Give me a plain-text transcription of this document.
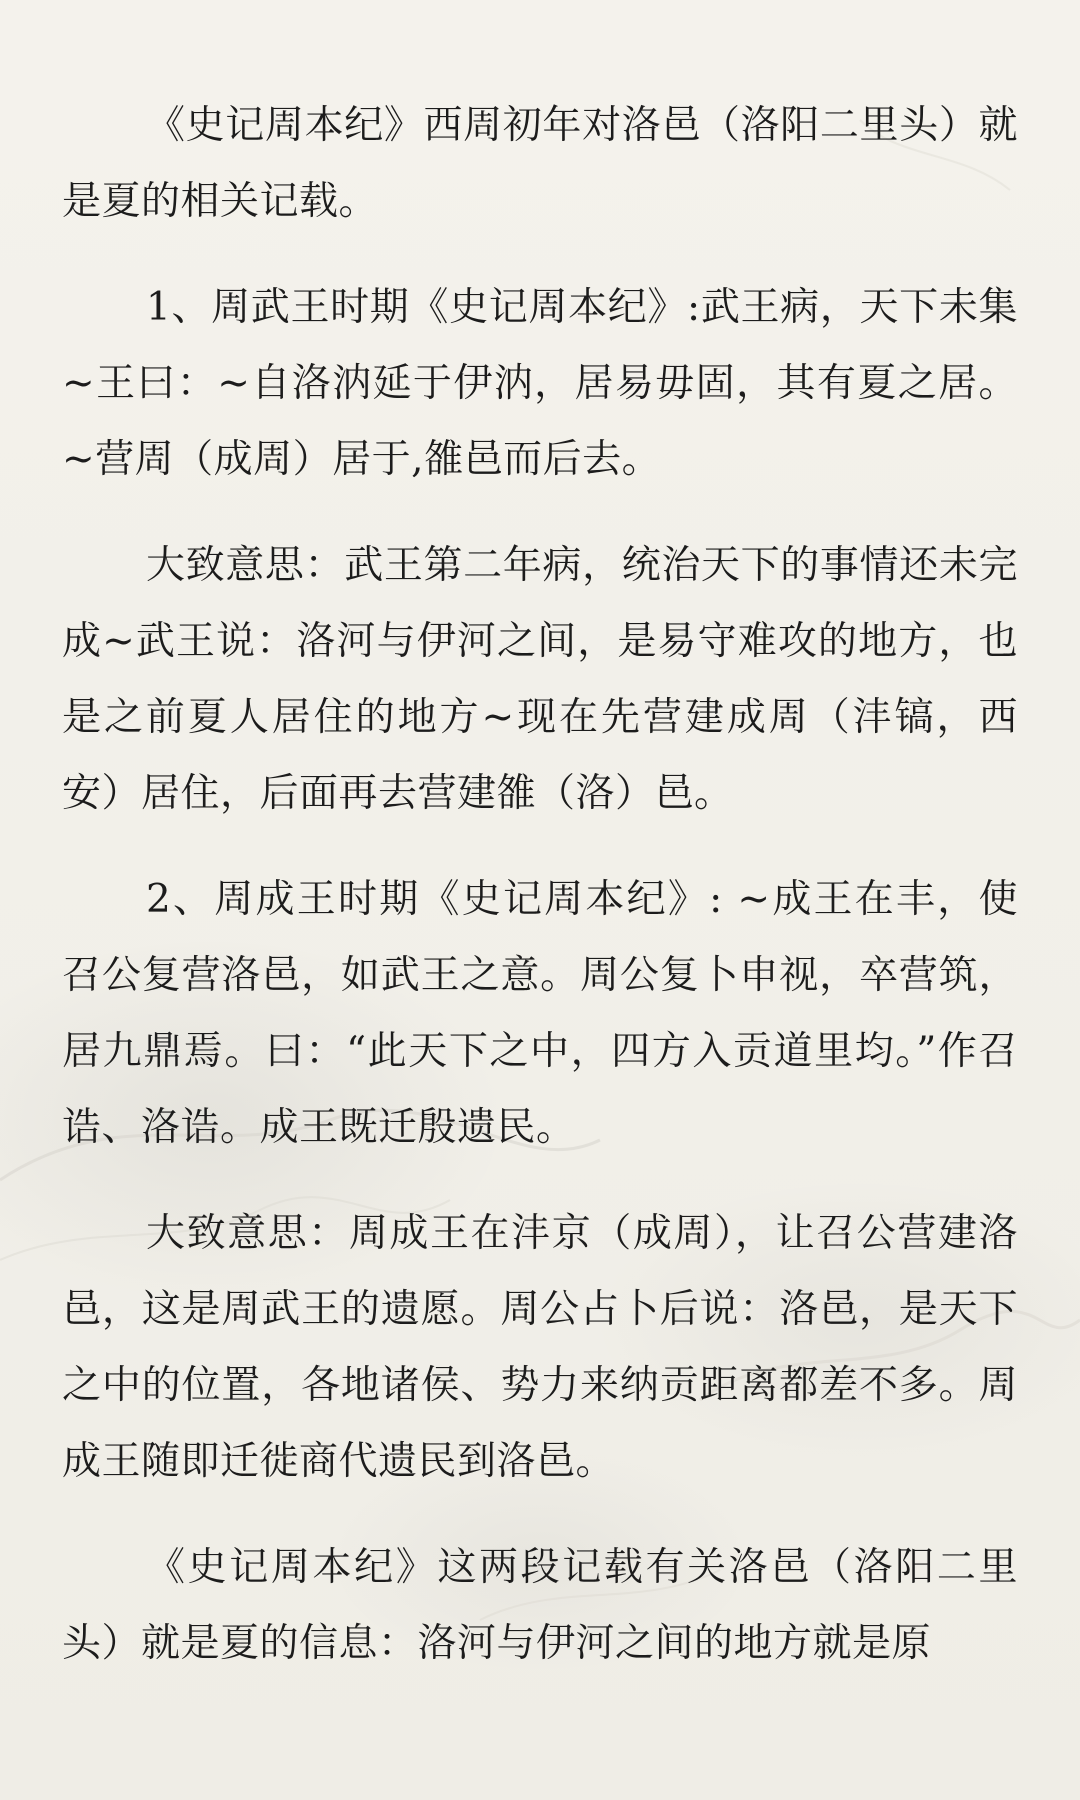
《史记周本纪》西周初年对洛邑（洛阳二里头）就是夏的相关记载。

1、周武王时期《史记周本纪》:武王病，天下未集~王曰：~自洛汭延于伊汭，居易毋固，其有夏之居。~营周（成周）居于,雒邑而后去。

大致意思：武王第二年病，统治天下的事情还未完成~武王说：洛河与伊河之间，是易守难攻的地方，也是之前夏人居住的地方~现在先营建成周（沣镐，西安）居住，后面再去营建雒（洛）邑。

2、周成王时期《史记周本纪》: ~成王在丰，使召公复营洛邑，如武王之意。周公复卜申视，卒营筑，居九鼎焉。曰：“此天下之中，四方入贡道里均。”作召诰、洛诰。成王既迁殷遗民。

大致意思：周成王在沣京（成周），让召公营建洛邑，这是周武王的遗愿。周公占卜后说：洛邑，是天下之中的位置，各地诸侯、势力来纳贡距离都差不多。周成王随即迁徙商代遗民到洛邑。

《史记周本纪》这两段记载有关洛邑（洛阳二里头）就是夏的信息：洛河与伊河之间的地方就是原
